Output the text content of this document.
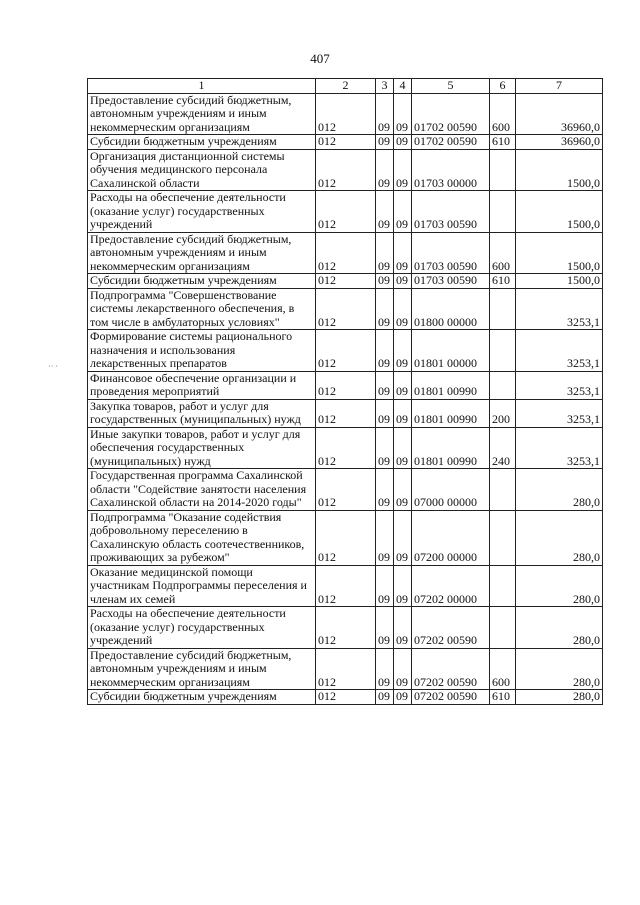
407
·· ·
1	2	3	4	5	6	7
Предоставление субсидий бюджетным, автономным учреждениям и иным некоммерческим организациям	012	09	09	01702 00590	600	36960,0
Субсидии бюджетным учреждениям	012	09	09	01702 00590	610	36960,0
Организация дистанционной системы обучения медицинского персонала Сахалинской области	012	09	09	01703 00000		1500,0
Расходы на обеспечение деятельности (оказание услуг) государственных учреждений	012	09	09	01703 00590		1500,0
Предоставление субсидий бюджетным, автономным учреждениям и иным некоммерческим организациям	012	09	09	01703 00590	600	1500,0
Субсидии бюджетным учреждениям	012	09	09	01703 00590	610	1500,0
Подпрограмма "Совершенствование системы лекарственного обеспечения, в том числе в амбулаторных условиях"	012	09	09	01800 00000		3253,1
Формирование системы рационального назначения и использования лекарственных препаратов	012	09	09	01801 00000		3253,1
Финансовое обеспечение организации и проведения мероприятий	012	09	09	01801 00990		3253,1
Закупка товаров, работ и услуг для государственных (муниципальных) нужд	012	09	09	01801 00990	200	3253,1
Иные закупки товаров, работ и услуг для обеспечения государственных (муниципальных) нужд	012	09	09	01801 00990	240	3253,1
Государственная программа Сахалинской области "Содействие занятости населения Сахалинской области на 2014-2020 годы"	012	09	09	07000 00000		280,0
Подпрограмма "Оказание содействия добровольному переселению в Сахалинскую область соотечественников, проживающих за рубежом"	012	09	09	07200 00000		280,0
Оказание медицинской помощи участникам Подпрограммы переселения и членам их семей	012	09	09	07202 00000		280,0
Расходы на обеспечение деятельности (оказание услуг) государственных учреждений	012	09	09	07202 00590		280,0
Предоставление субсидий бюджетным, автономным учреждениям и иным некоммерческим организациям	012	09	09	07202 00590	600	280,0
Субсидии бюджетным учреждениям	012	09	09	07202 00590	610	280,0
